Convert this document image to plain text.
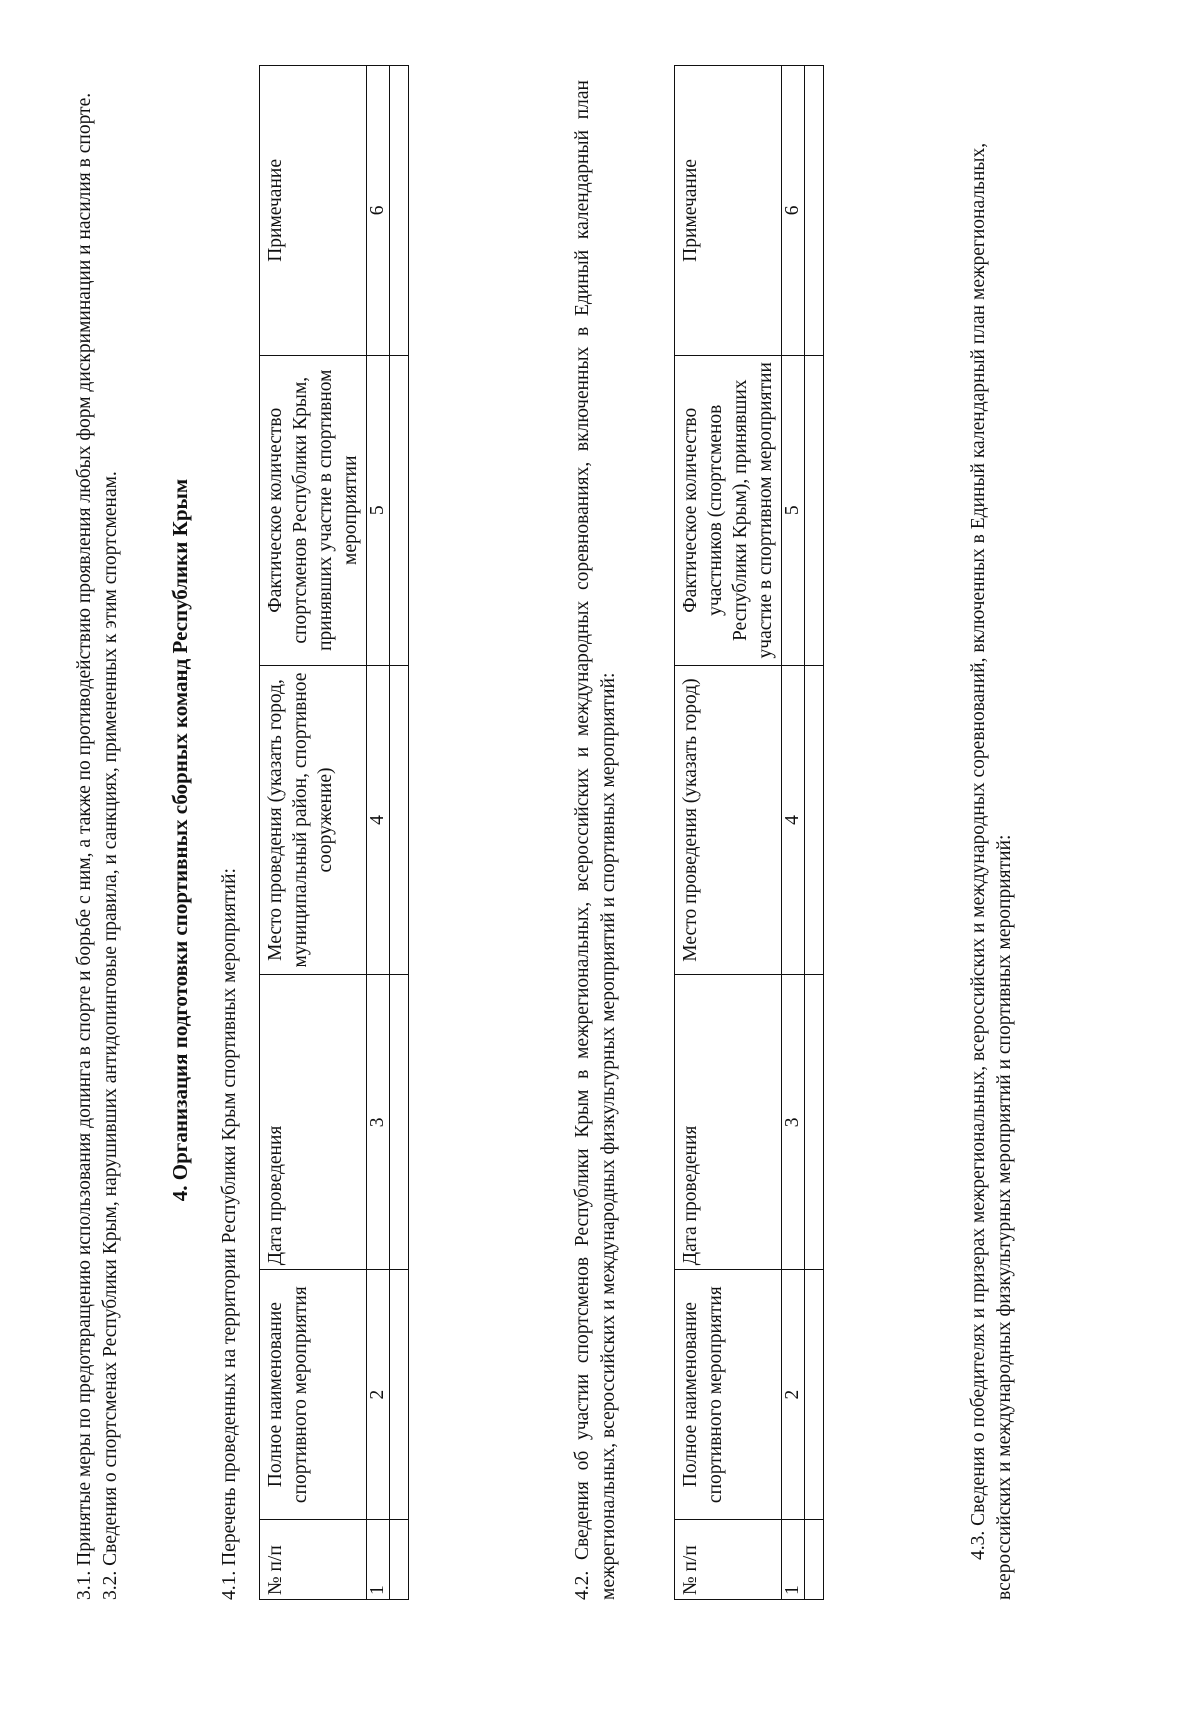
3.1. Принятые меры по предотвращению использования допинга в спорте и борьбе с ним, а также по противодействию проявления любых форм дискриминации и насилия в спорте. 3.2. Сведения о спортсменах Республики Крым, нарушивших антидопинговые правила, и санкциях, примененных к этим спортсменам. 4. Организация подготовки спортивных сборных команд Республики Крым
4.1. Перечень проведенных на территории Республики Крым спортивных мероприятий: № п/п	Полное наименование спортивного мероприятия	Дата проведения	Место проведения (указать город, муниципальный район, спортивное сооружение)	Фактическое количество спортсменов Республики Крым, принявших участие в спортивном мероприятии	Примечание
1	2	3	4	5	6
						4.2. Сведения об участии спортсменов Республики Крым в межрегиональных, всероссийских и международных соревнованиях, включенных в Единый календарный план межрегиональных, всероссийских и международных физкультурных мероприятий и спортивных мероприятий:	№ п/п	Полное наименование спортивного мероприятия	Дата проведения	Место проведения (указать город)	Фактическое количество участников (спортсменов Республики Крым), принявших участие в спортивном мероприятии	Примечание
1	2	3	4	5	6
						4.3. Сведения о победителях и призерах межрегиональных, всероссийских и международных соревнований, включенных в Единый календарный план межрегиональных, всероссийских и международных физкультурных мероприятий и спортивных мероприятий:
